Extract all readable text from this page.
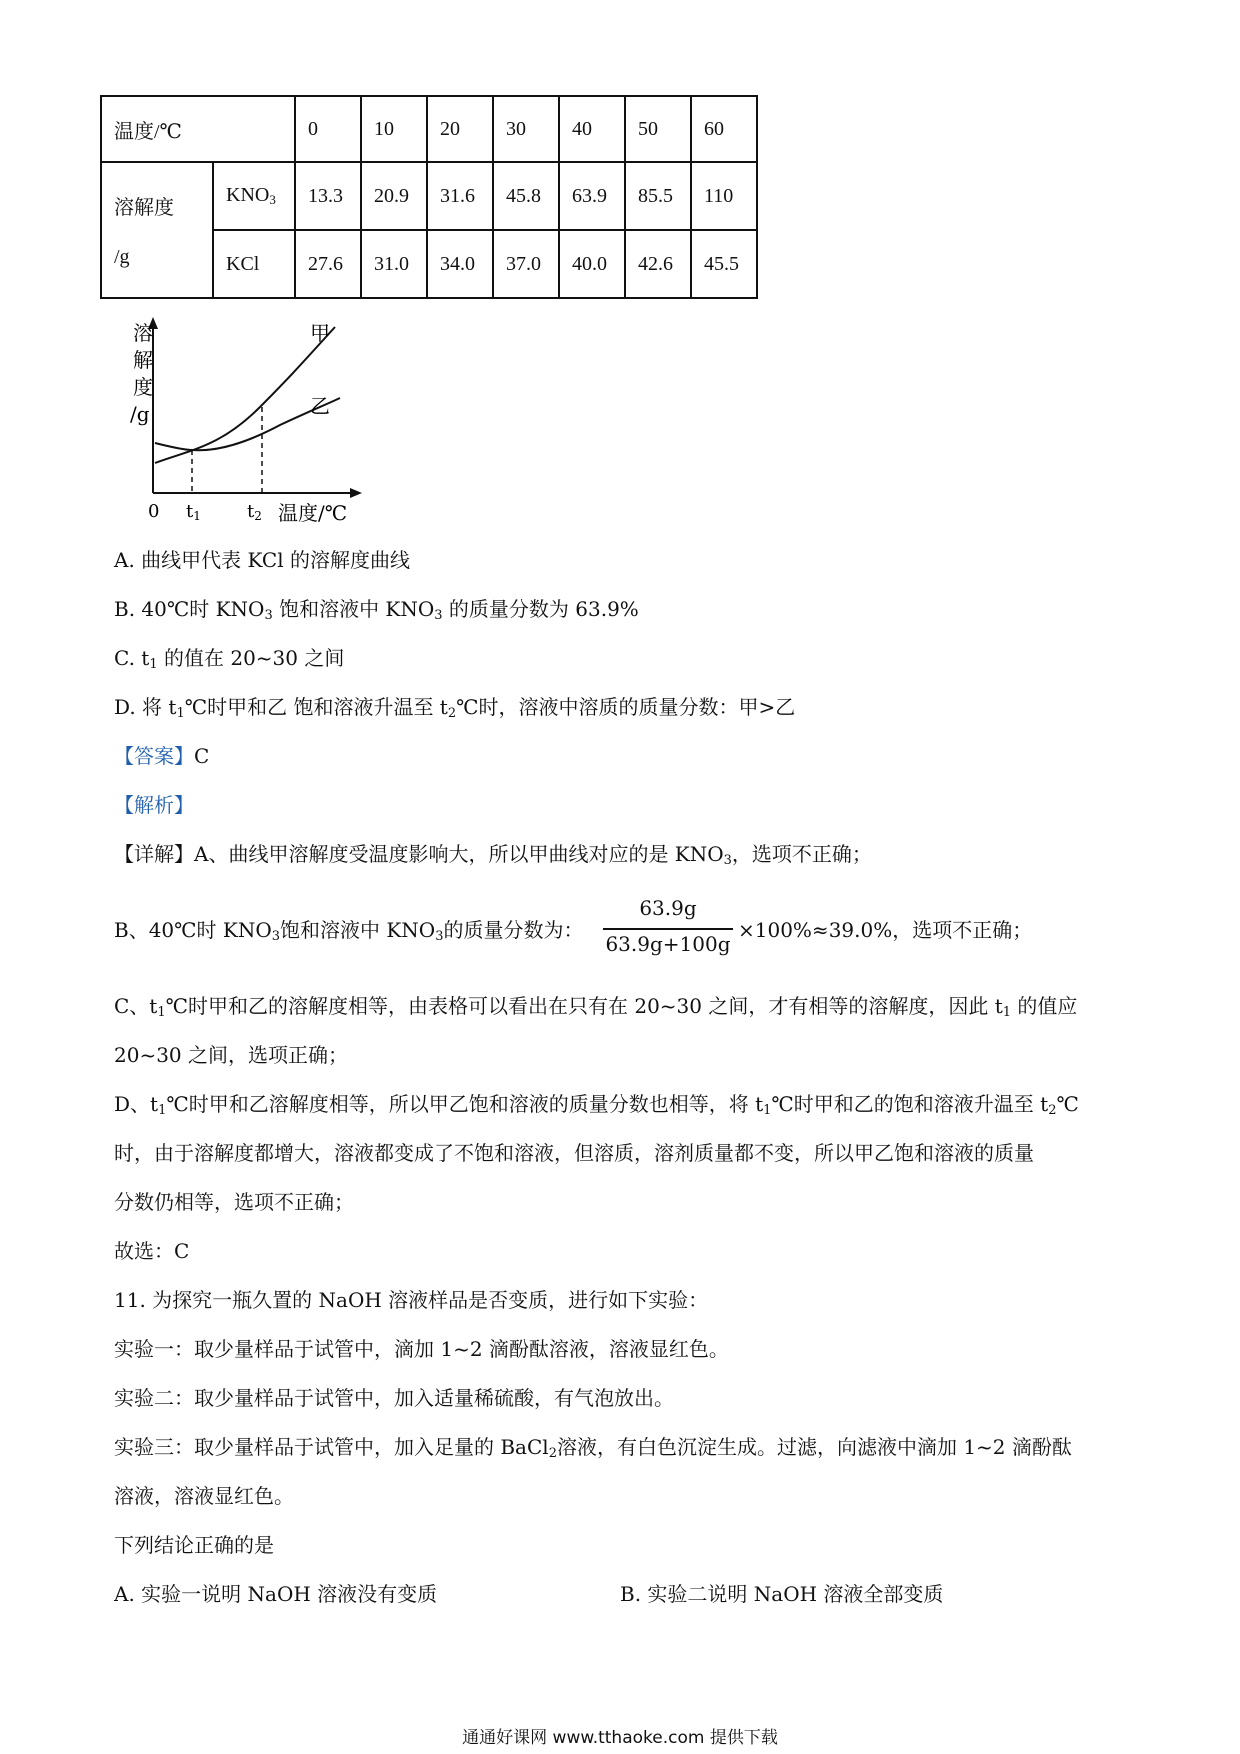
温度/℃		0	10	20	30	40	50	60

溶解度
/g	$KNO_3$	13.3	20.9	31.6	45.8	63.9	85.5	110
	KCl	27.6	31.0	34.0	37.0	40.0	42.6	45.5
溶
解
度
/g
甲
乙
0 t1	t2 温度/℃
A. 曲线甲代表 KCl 的溶解度曲线
B. 40℃时 $KNO_3$ 饱和溶液中 $KNO_3$ 的质量分数为 63.9%
C. $t_1$ 的值在 20~30 之间
D. 将 $t_1℃$时甲和乙 饱和溶液升温至 $t_2℃$时，溶液中溶质的质量分数：甲>乙
【答案】C
【解析】
【详解】A、曲线甲溶解度受温度影响大，所以甲曲线对应的是 $KNO_3$，选项不正确；
B、40℃时 $KNO_3$饱和溶液中 $KNO_3$的质量分数为：
63.9g
63.9g+100g
×100%≈39.0%，选项不正确；
C、$t_1℃$时甲和乙的溶解度相等，由表格可以看出在只有在 20~30 之间，才有相等的溶解度，因此 $t_1$ 的值应
20~30 之间，选项正确；
D、$t_1℃$时甲和乙溶解度相等，所以甲乙饱和溶液的质量分数也相等，将 $t_1℃$时甲和乙的饱和溶液升温至 $t_2℃$
时，由于溶解度都增大，溶液都变成了不饱和溶液，但溶质，溶剂质量都不变，所以甲乙饱和溶液的质量
分数仍相等，选项不正确；
故选：C
11. 为探究一瓶久置的 NaOH 溶液样品是否变质，进行如下实验：
实验一：取少量样品于试管中，滴加 1~2 滴酚酞溶液，溶液显红色。
实验二：取少量样品于试管中，加入适量稀硫酸，有气泡放出。
实验三：取少量样品于试管中，加入足量的 BaCl$_2$溶液，有白色沉淀生成。过滤，向滤液中滴加 1~2 滴酚酞
溶液，溶液显红色。
下列结论正确的是
A. 实验一说明 NaOH 溶液没有变质	B. 实验二说明 NaOH 溶液全部变质
通通好课网 www.tthaoke.com 提供下载
